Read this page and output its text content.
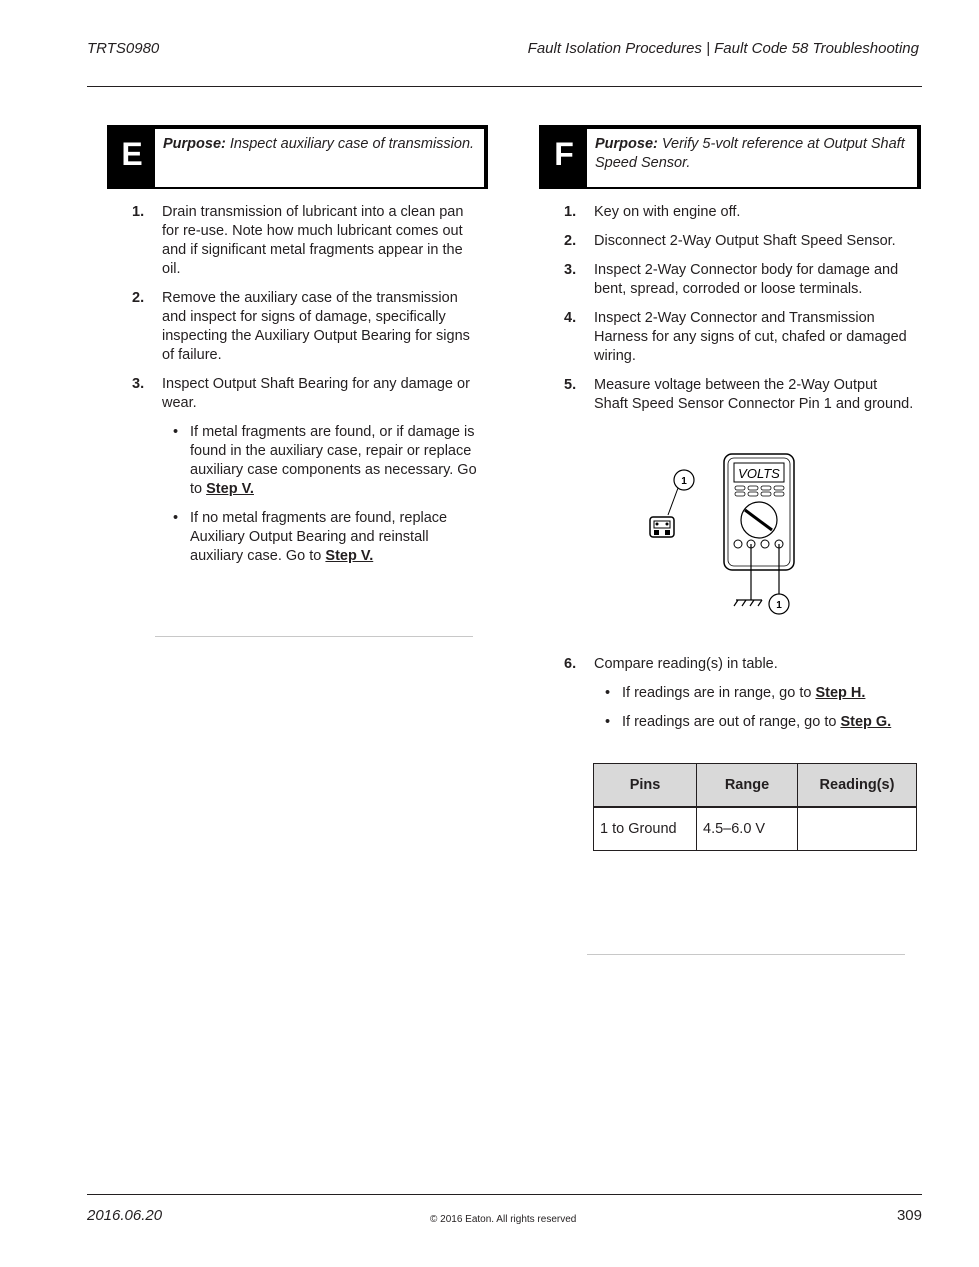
TRTS0980	Fault Isolation Procedures | Fault Code 58 Troubleshooting
E	Purpose: Inspect auxiliary case of transmission.
1. Drain transmission of lubricant into a clean pan for re-use. Note how much lubricant comes out and if significant metal fragments appear in the oil.
2. Remove the auxiliary case of the transmission and inspect for signs of damage, specifically inspecting the Auxiliary Output Bearing for signs of failure.
3. Inspect Output Shaft Bearing for any damage or wear.
• If metal fragments are found, or if damage is found in the auxiliary case, repair or replace auxiliary case components as necessary. Go to Step V.
• If no metal fragments are found, replace Auxiliary Output Bearing and reinstall auxiliary case. Go to Step V.
F	Purpose: Verify 5-volt reference at Output Shaft Speed Sensor.
1. Key on with engine off.
2. Disconnect 2-Way Output Shaft Speed Sensor.
3. Inspect 2-Way Connector body for damage and bent, spread, corroded or loose terminals.
4. Inspect 2-Way Connector and Transmission Harness for any signs of cut, chafed or damaged wiring.
5. Measure voltage between the 2-Way Output Shaft Speed Sensor Connector Pin 1 and ground.
1
VOLTS
1
6. Compare reading(s) in table.
• If readings are in range, go to Step H.
• If readings are out of range, go to Step G.
Pins	Range	Reading(s)
1 to Ground	4.5–6.0 V	
2016.06.20	© 2016 Eaton. All rights reserved	309
